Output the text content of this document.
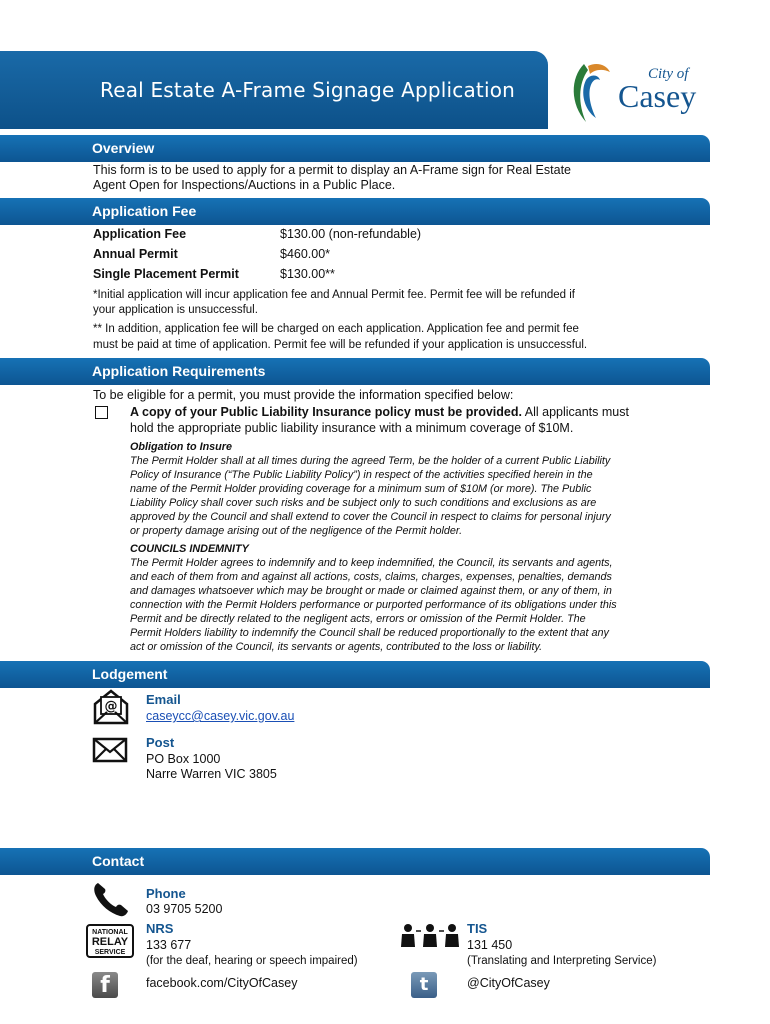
Real Estate A-Frame Signage Application
City of
Casey
Overview
This form is to be used to apply for a permit to display an A-Frame sign for Real Estate
Agent Open for Inspections/Auctions in a Public Place.
Application Fee
Application Fee	$130.00 (non-refundable)
Annual Permit	$460.00*
Single Placement Permit	$130.00**
*Initial application will incur application fee and Annual Permit fee. Permit fee will be refunded if
your application is unsuccessful.
** In addition, application fee will be charged on each application. Application fee and permit fee
must be paid at time of application. Permit fee will be refunded if your application is unsuccessful.
Application Requirements
To be eligible for a permit, you must provide the information specified below:
A copy of your Public Liability Insurance policy must be provided. All applicants must
hold the appropriate public liability insurance with a minimum coverage of $10M.
Obligation to Insure
The Permit Holder shall at all times during the agreed Term, be the holder of a current Public Liability
Policy of Insurance (“The Public Liability Policy”) in respect of the activities specified herein in the
name of the Permit Holder providing coverage for a minimum sum of $10M (or more). The Public
Liability Policy shall cover such risks and be subject only to such conditions and exclusions as are
approved by the Council and shall extend to cover the Council in respect to claims for personal injury
or property damage arising out of the negligence of the Permit holder.
COUNCILS INDEMNITY
The Permit Holder agrees to indemnify and to keep indemnified, the Council, its servants and agents,
and each of them from and against all actions, costs, claims, charges, expenses, penalties, demands
and damages whatsoever which may be brought or made or claimed against them, or any of them, in
connection with the Permit Holders performance or purported performance of its obligations under this
Permit and be directly related to the negligent acts, errors or omission of the Permit Holder. The
Permit Holders liability to indemnify the Council shall be reduced proportionally to the extent that any
act or omission of the Council, its servants or agents, contributed to the loss or liability.
Lodgement
@ Email
caseycc@casey.vic.gov.au
Post
PO Box 1000
Narre Warren VIC 3805
Contact
Phone
03 9705 5200
NATIONAL
RELAY
SERVICE
NRS
133 677
(for the deaf, hearing or speech impaired)
TIS
131 450
(Translating and Interpreting Service)
f	facebook.com/CityOfCasey	t	@CityOfCasey
